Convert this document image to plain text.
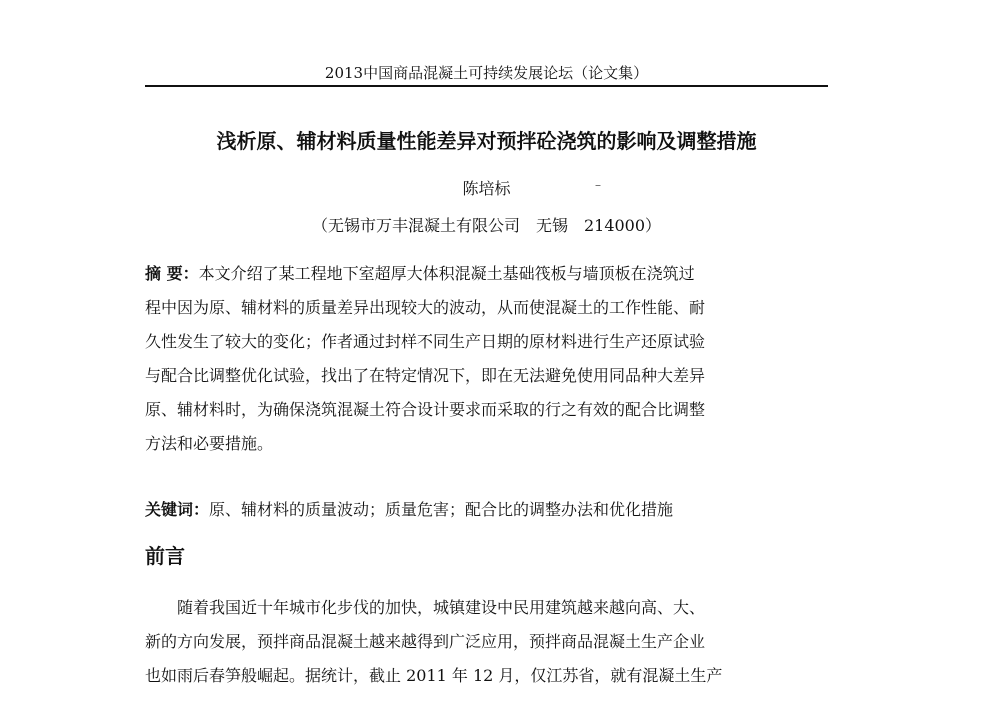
2013中国商品混凝土可持续发展论坛（论文集）
浅析原、辅材料质量性能差异对预拌砼浇筑的影响及调整措施
陈培标	–
（无锡市万丰混凝土有限公司　无锡　214000）
摘 要：本文介绍了某工程地下室超厚大体积混凝土基础筏板与墙顶板在浇筑过
程中因为原、辅材料的质量差异出现较大的波动，从而使混凝土的工作性能、耐
久性发生了较大的变化；作者通过封样不同生产日期的原材料进行生产还原试验
与配合比调整优化试验，找出了在特定情况下，即在无法避免使用同品种大差异
原、辅材料时，为确保浇筑混凝土符合设计要求而采取的行之有效的配合比调整
方法和必要措施。
关键词：原、辅材料的质量波动；质量危害；配合比的调整办法和优化措施
前言
随着我国近十年城市化步伐的加快，城镇建设中民用建筑越来越向高、大、
新的方向发展，预拌商品混凝土越来越得到广泛应用，预拌商品混凝土生产企业
也如雨后春笋般崛起。据统计，截止 2011 年 12 月，仅江苏省，就有混凝土生产
